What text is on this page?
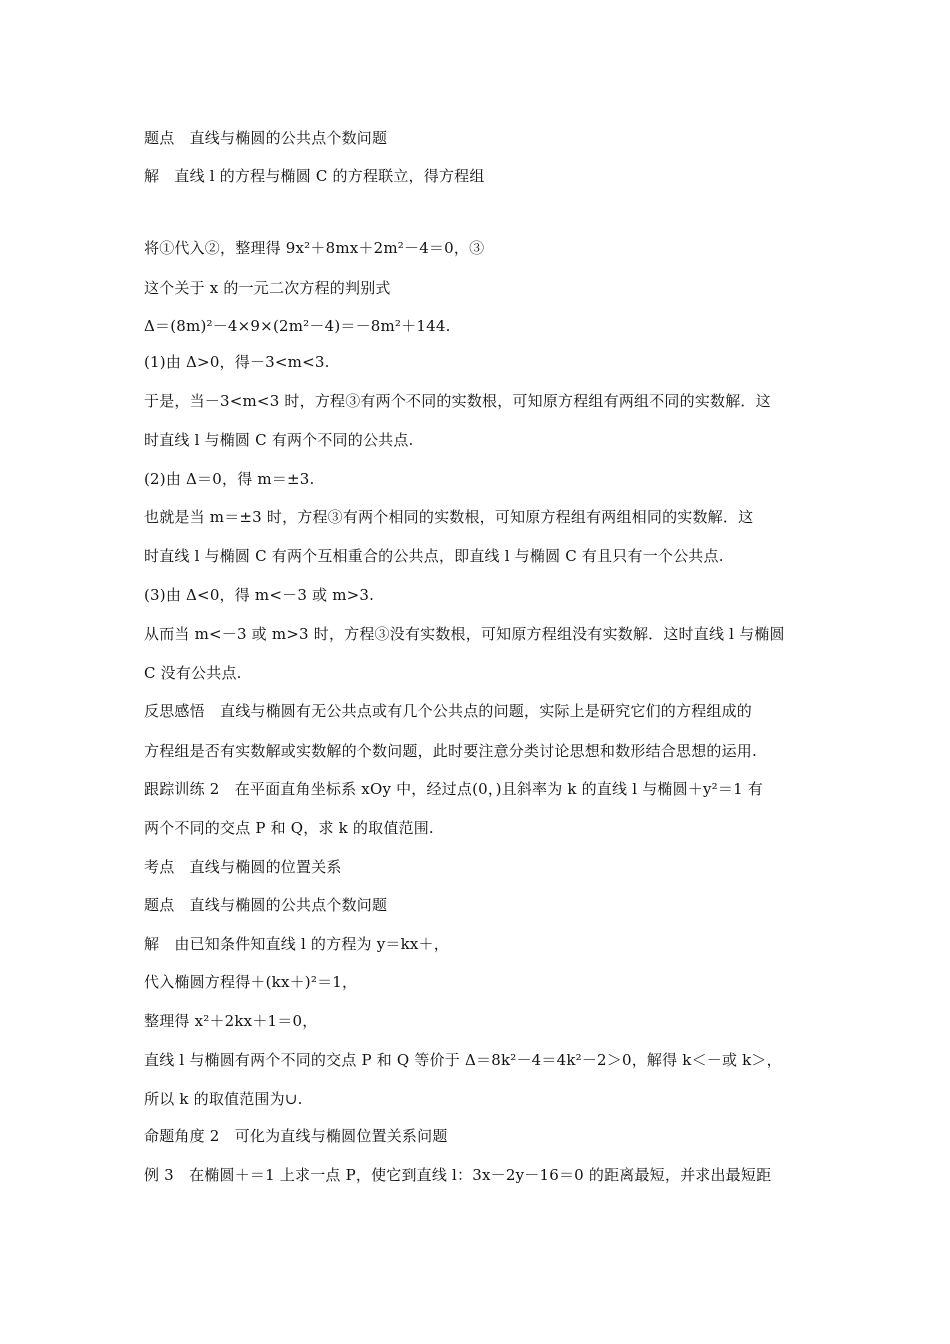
题点　直线与椭圆的公共点个数问题
解　直线 l 的方程与椭圆 C 的方程联立，得方程组
将①代入②，整理得 9x²＋8mx＋2m²－4＝0，③
这个关于 x 的一元二次方程的判别式
Δ＝(8m)²－4×9×(2m²－4)＝－8m²＋144.
(1)由 Δ>0，得－3<m<3.
于是，当－3<m<3 时，方程③有两个不同的实数根，可知原方程组有两组不同的实数解．这
时直线 l 与椭圆 C 有两个不同的公共点.
(2)由 Δ＝0，得 m＝±3.
也就是当 m＝±3 时，方程③有两个相同的实数根，可知原方程组有两组相同的实数解．这
时直线 l 与椭圆 C 有两个互相重合的公共点，即直线 l 与椭圆 C 有且只有一个公共点.
(3)由 Δ<0，得 m<－3 或 m>3.
从而当 m<－3 或 m>3 时，方程③没有实数根，可知原方程组没有实数解．这时直线 l 与椭圆
C 没有公共点.
反思感悟　直线与椭圆有无公共点或有几个公共点的问题，实际上是研究它们的方程组成的
方程组是否有实数解或实数解的个数问题，此时要注意分类讨论思想和数形结合思想的运用.
跟踪训练 2　在平面直角坐标系 xOy 中，经过点(0，)且斜率为 k 的直线 l 与椭圆＋y²＝1 有
两个不同的交点 P 和 Q，求 k 的取值范围.
考点　直线与椭圆的位置关系
题点　直线与椭圆的公共点个数问题
解　由已知条件知直线 l 的方程为 y＝kx＋，
代入椭圆方程得＋(kx＋)²＝1，
整理得 x²＋2kx＋1＝0，
直线 l 与椭圆有两个不同的交点 P 和 Q 等价于 Δ＝8k²－4＝4k²－2＞0，解得 k＜－或 k＞，
所以 k 的取值范围为∪.
命题角度 2　可化为直线与椭圆位置关系问题
例 3　在椭圆＋＝1 上求一点 P，使它到直线 l：3x－2y－16＝0 的距离最短，并求出最短距
